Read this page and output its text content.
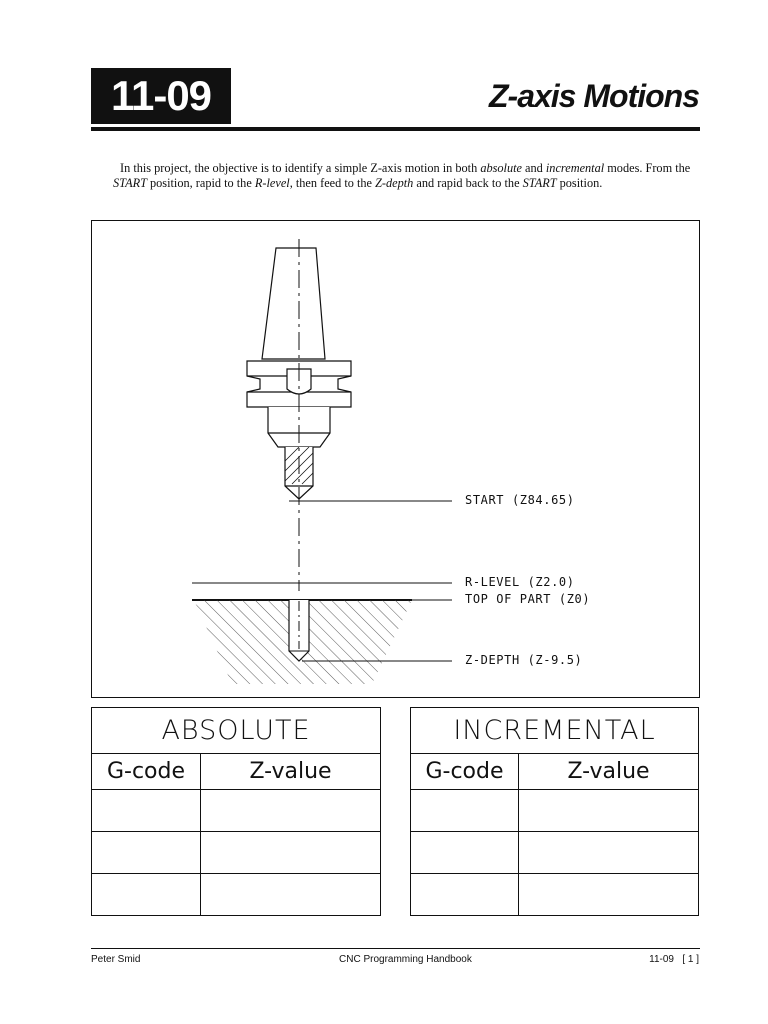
11-09	Z-axis Motions

In this project, the objective is to identify a simple Z-axis motion in both absolute and incremental modes. From the START position, rapid to the R-level, then feed to the Z-depth and rapid back to the START position.

START (Z84.65)
R-LEVEL (Z2.0)
TOP OF PART (Z0)
Z-DEPTH (Z-9.5)
ABSOLUTE	
G-code	Z-value

INCREMENTAL	
G-code	Z-value

Peter Smid	CNC Programming Handbook	11-09   [ 1 ]
